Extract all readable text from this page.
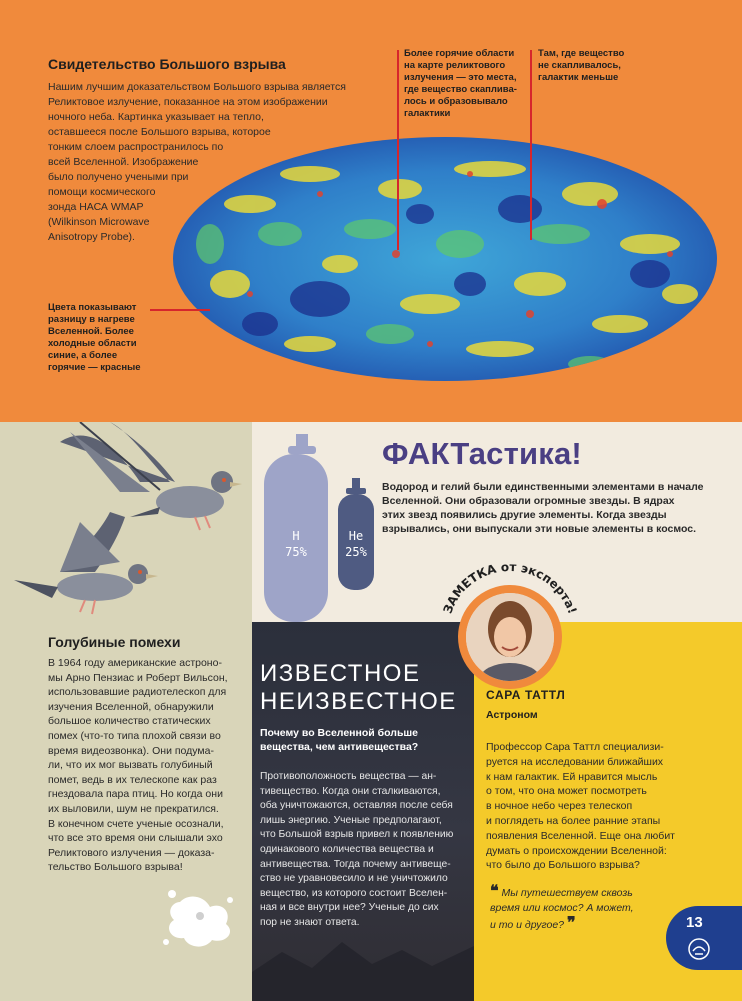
Свидетельство Большого взрыва
Нашим лучшим доказательством Большого взрыва является
Реликтовое излучение, показанное на этом изображении
ночного неба. Картинка указывает на тепло,
оставшееся после Большого взрыва, которое
тонким слоем распространилось по
всей Вселенной. Изображение
было получено учеными при
помощи космического
зонда НАСА WMAP
(Wilkinson Microwave
Anisotropy Probe).
Более горячие области
на карте реликтового
излучения — это места,
где вещество скаплива-
лось и образовывало
галактики
Там, где вещество
не скапливалось,
галактик меньше
Цвета показывают
разницу в нагреве
Вселенной. Более
холодные области
синие, а более
горячие — красные
Голубиные помехи
В 1964 году американские астроно-
мы Арно Пензиас и Роберт Вильсон,
использовавшие радиотелескоп для
изучения Вселенной, обнаружили
большое количество статических
помех (что-то типа плохой связи во
время видеозвонка). Они подума-
ли, что их мог вызвать голубиный
помет, ведь в их телескопе как раз
гнездовала пара птиц. Но когда они
их выловили, шум не прекратился.
В конечном счете ученые осознали,
что все это время они слышали эхо
Реликтового излучения — доказа-
тельство Большого взрыва!
H
75%
He
25%
ФАКТастика!
Водород и гелий были единственными элементами в начале
Вселенной. Они образовали огромные звезды. В ядрах
этих звезд появились другие элементы. Когда звезды
взрывались, они выпускали эти новые элементы в космос.
ИЗВЕСТНОЕ
НЕИЗВЕСТНОЕ
Почему во Вселенной больше
вещества, чем антивещества?
Противоположность вещества — ан-
тивещество. Когда они сталкиваются,
оба уничтожаются, оставляя после себя
лишь энергию. Ученые предполагают,
что Большой взрыв привел к появлению
одинакового количества вещества и
антивещества. Тогда почему антивеще-
ство не уравновесило и не уничтожило
вещество, из которого состоит Вселен-
ная и все внутри нее? Ученые до сих
пор не знают ответа.
ЗАМЕТКА от эксперта!
САРА ТАТТЛ
Астроном
Профессор Сара Таттл специализи-
руется на исследовании ближайших
к нам галактик. Ей нравится мысль
о том, что она может посмотреть
в ночное небо через телескоп
и поглядеть на более ранние этапы
появления Вселенной. Еще она любит
думать о происхождении Вселенной:
что было до Большого взрыва?
❝ Мы путешествуем сквозь
время или космос? А может,
и то и другое? ❞	13
